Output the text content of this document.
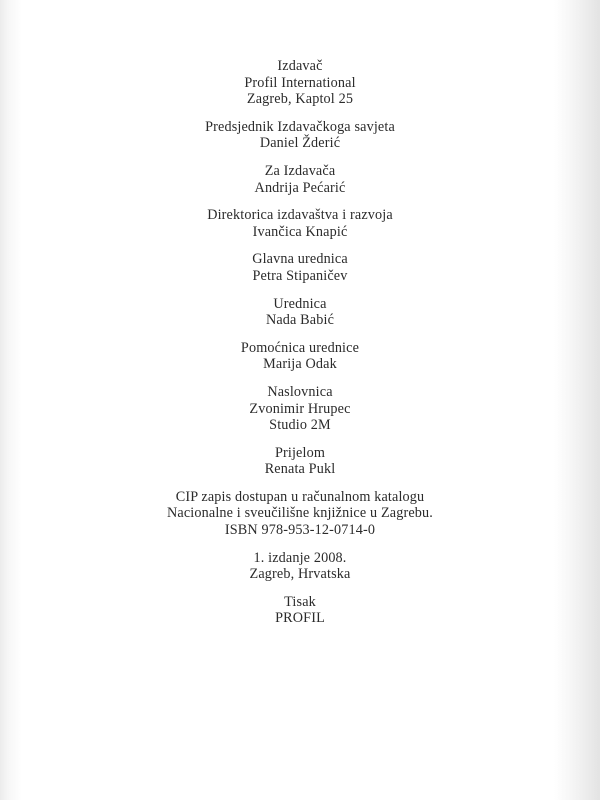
Izdavač
Profil International
Zagreb, Kaptol 25
Predsjednik Izdavačkoga savjeta
Daniel Žderić
Za Izdavača
Andrija Pećarić
Direktorica izdavaštva i razvoja
Ivančica Knapić
Glavna urednica
Petra Stipaničev
Urednica
Nada Babić
Pomoćnica urednice
Marija Odak
Naslovnica
Zvonimir Hrupec
Studio 2M
Prijelom
Renata Pukl
CIP zapis dostupan u računalnom katalogu
Nacionalne i sveučilišne knjižnice u Zagrebu.
ISBN 978-953-12-0714-0
1. izdanje 2008.
Zagreb, Hrvatska
Tisak
PROFIL
